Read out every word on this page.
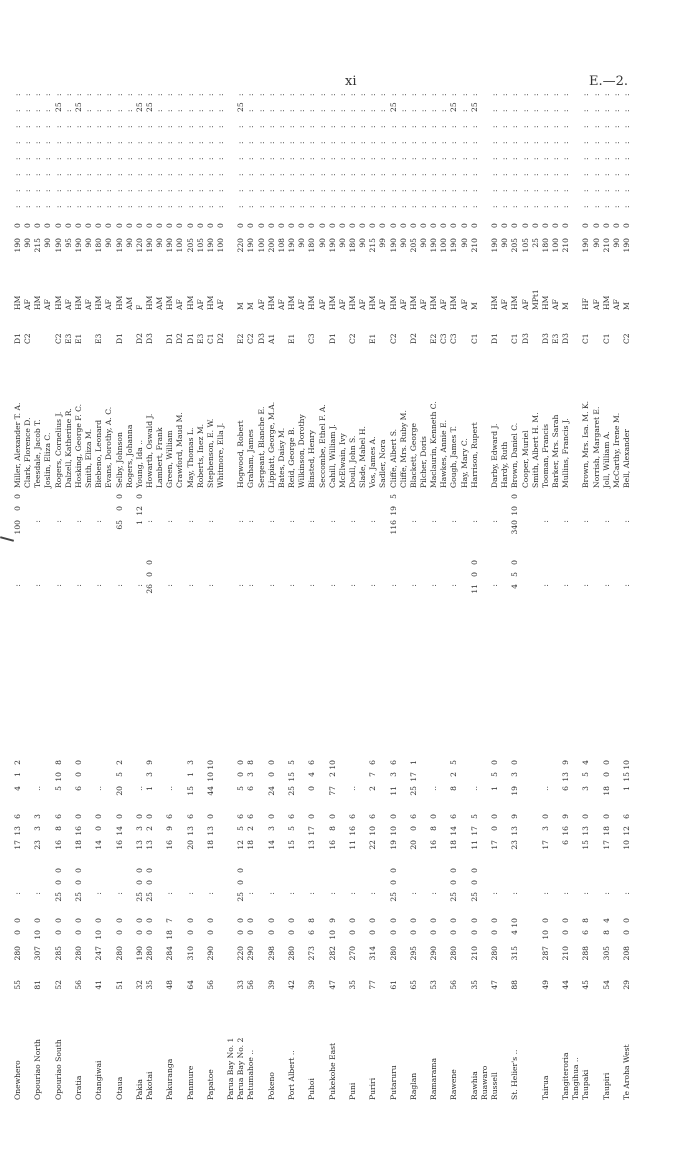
xi	E.—2.
Onewhero
55
280
0
0
:
17
13
6
4
1
2
:
100
0
0
Miller, Alexander T. A.
D1
HM
190
0
:
:
:
:
:
:
:
:
Clark, Florence D.
C2
AF
90
0
:
:
:
:
:
:
:
:
Opouriao North
81
307
10
0
:
23
3
3
..
:
:
Teesdale, Jacob T.
HM
215
0
:
:
:
:
:
:
:
:
Joslin, Eliza C.
AF
90
0
:
:
:
:
:
:
:
:
Opouriao South
52
285
0
0
25
0
0
16
8
6
5
10
8
:
:
Rogers, Cornelius J.
C2
HM
190
0
:
:
:
:
:
:
25
:
Dalzell, Katherine R.
E3
AF
95
0
:
:
:
:
:
:
:
:
Oratia
56
280
0
0
25
0
0
18
16
0
6
0
0
:
:
Hosking, George F. C.
E1
HM
190
0
:
:
:
:
:
:
25
:
Smith, Eliza M.
AF
90
0
:
:
:
:
:
:
:
:
Otangiwai
41
247
10
0
:
14
0
0
..
:
:
Biebeno, Leonard
E3
HM
180
0
:
:
:
:
:
:
:
:
Evans, Dorothy, A. C.
AF
90
0
:
:
:
:
:
:
:
:
Otaua
51
280
0
0
:
16
14
0
20
5
2
:
65
0
0
Selby, Johnson
D1
HM
190
0
:
:
:
:
:
:
:
:
Rogers, Johanna
AM
90
0
:
:
:
:
:
:
:
:
Pakia
32
190
0
0
25
0
0
13
3
0
..
:
1
12
0
Young, Ida ..
D2
F
120
0
:
:
:
:
:
:
25
:
Pakotai
35
280
0
0
25
0
0
13
2
0
1
3
9
26
0
0
:
Howarth, Oswald J.
D3
HM
190
0
:
:
:
:
:
:
25
:
Lambert, Frank
AM
90
0
:
:
:
:
:
:
:
:
Pakuranga
48
284
18
7
:
16
9
6
..
:
:
Green, William
D1
HM
190
0
:
:
:
:
:
:
:
:
Crawford, Maud M.
D2
AF
100
0
:
:
:
:
:
:
:
:
Panmure
64
310
0
0
:
20
13
6
15
1
3
:
:
May, Thomas L.
D1
HM
205
0
:
:
:
:
:
:
:
:
Roberts, Inez M.
E3
AF
105
0
:
:
:
:
:
:
:
:
Papatoe
56
290
0
0
:
18
13
0
44
10
10
:
:
Stephenson, E. W.
C1
HM
190
0
:
:
:
:
:
:
:
:
Whitmore, Ella J.
D2
AF
100
0
:
:
:
:
:
:
:
:
Parua Bay No. 1 Parua Bay No. 2
33
220
0
0
25
0
0
12
5
6
5
0
0
:
:
Hogwood, Robert
E2
M
220
0
:
:
:
:
:
:
25
:
Patumahoe ..
56
290
0
0
:
18
2
6
6
3
8
:
:
Graham, James
C2
M
190
0
:
:
:
:
:
:
:
:
Sergeant, Blanche E.
D3
AF
100
0
:
:
:
:
:
:
:
:
Pokeno
39
298
0
0
:
14
3
0
24
0
0
:
:
Lippiatt, George, M.A.
A1
HM
200
0
:
:
:
:
:
:
:
:
Bates, Daisy M.
AF
108
0
:
:
:
:
:
:
:
:
Port Albert ..
42
280
0
0
:
15
5
6
25
15
5
:
:
Reid, George B.
E1
HM
190
0
:
:
:
:
:
:
:
:
Wilkinson, Dorothy
AF
90
0
:
:
:
:
:
:
:
:
Puhoi
39
273
6
8
:
13
17
0
0
4
6
:
:
Binsted, Henry
C3
HM
180
0
:
:
:
:
:
:
:
:
Seccombe, Ethel F. A.
AF
90
0
:
:
:
:
:
:
:
:
Pukekohe East
47
282
10
9
:
16
8
0
77
2
10
:
:
Cahill, William J.
D1
HM
190
0
:
:
:
:
:
:
:
:
McElwain, Ivy
AF
90
0
:
:
:
:
:
:
:
:
Puni
35
270
0
0
:
11
16
6
..
:
:
Doull, John S.
C2
HM
180
0
:
:
:
:
:
:
:
:
Slade, Mabel H.
AF
90
0
:
:
:
:
:
:
:
:
Puriri
77
314
0
0
:
22
10
6
2
7
6
:
:
Vos, James A.
E1
HM
215
0
:
:
:
:
:
:
:
:
Sadler, Nora
AF
99
0
:
:
:
:
:
:
:
:
Putaruru
61
280
0
0
25
0
0
19
10
0
11
3
6
:
116
19
5
Cliffe, Albert S.
C2
HM
190
0
:
:
:
:
:
:
25
:
Cliffe, Mrs. Ruby M.
AF
90
0
:
:
:
:
:
:
:
:
Raglan
65
295
0
0
:
20
0
6
25
17
1
:
:
Blackett, George
D2
HM
205
0
:
:
:
:
:
:
:
:
Pilcher, Doris
AF
90
0
:
:
:
:
:
:
:
:
Ramarama
53
290
0
0
:
16
8
0
..
:
:
Maclaurin, Kenneth C.
E2
HM
190
0
:
:
:
:
:
:
:
:
Hawkes, Annie E.
C3
AF
100
0
:
:
:
:
:
:
:
:
Rawene
56
280
0
0
25
0
0
18
14
6
8
2
5
:
:
Gough, James T.
C3
HM
190
0
:
:
:
:
:
:
25
:
Hay, Mary C.
AF
90
0
:
:
:
:
:
:
:
:
Rawhia
35
210
0
0
25
0
0
11
17
5
..
11
0
0
:
Harrison, Rupert
C1
M
210
0
:
:
:
:
:
:
25
:
Ruawaro Russell
47
280
0
0
:
17
0
0
1
5
0
:
:
Darby, Edward J.
D1
HM
190
0
:
:
:
:
:
:
:
:
Hardy, Ruth
AF
90
0
:
:
:
:
:
:
:
:
St. Helier's ..
88
315
4
10
:
23
13
9
19
3
0
4
5
0
340
10
0
Brown, Daniel C.
C1
HM
205
0
:
:
:
:
:
:
:
:
Cooper, Muriel
D3
AF
105
0
:
:
:
:
:
:
:
:
Smith, Albert H. M.
MPt1
25
0
:
:
:
:
:
:
:
:
Tairua
49
287
10
0
:
17
3
0
..
:
:
Tooman, Francis
D3
HM
180
0
:
:
:
:
:
:
:
:
Barker, Mrs. Sarah
E3
AF
100
0
:
:
:
:
:
:
:
:
Tangiteroria
44
210
0
0
:
6
16
9
6
13
9
:
:
Mullins, Francis J.
D3
M
210
0
:
:
:
:
:
:
:
:
Tangihua .. Taupaki
45
288
6
8
:
15
13
0
3
5
4
:
:
Brown, Mrs. Isa. M. K.
C1
HF
190
0
:
:
:
:
:
:
:
:
Norrish, Margaret E.
AF
90
0
:
:
:
:
:
:
:
:
Taupiri
54
305
8
4
:
17
18
0
18
0
0
:
:
Joll, William A.
C1
HM
210
0
:
:
:
:
:
:
:
:
McCarthy, Irene M.
AF
90
0
:
:
:
:
:
:
:
:
Te Aroha West
29
208
0
0
:
10
12
6
1
15
10
:
:
Bell, Alexander
C2
M
190
0
:
:
:
:
:
:
:
:
